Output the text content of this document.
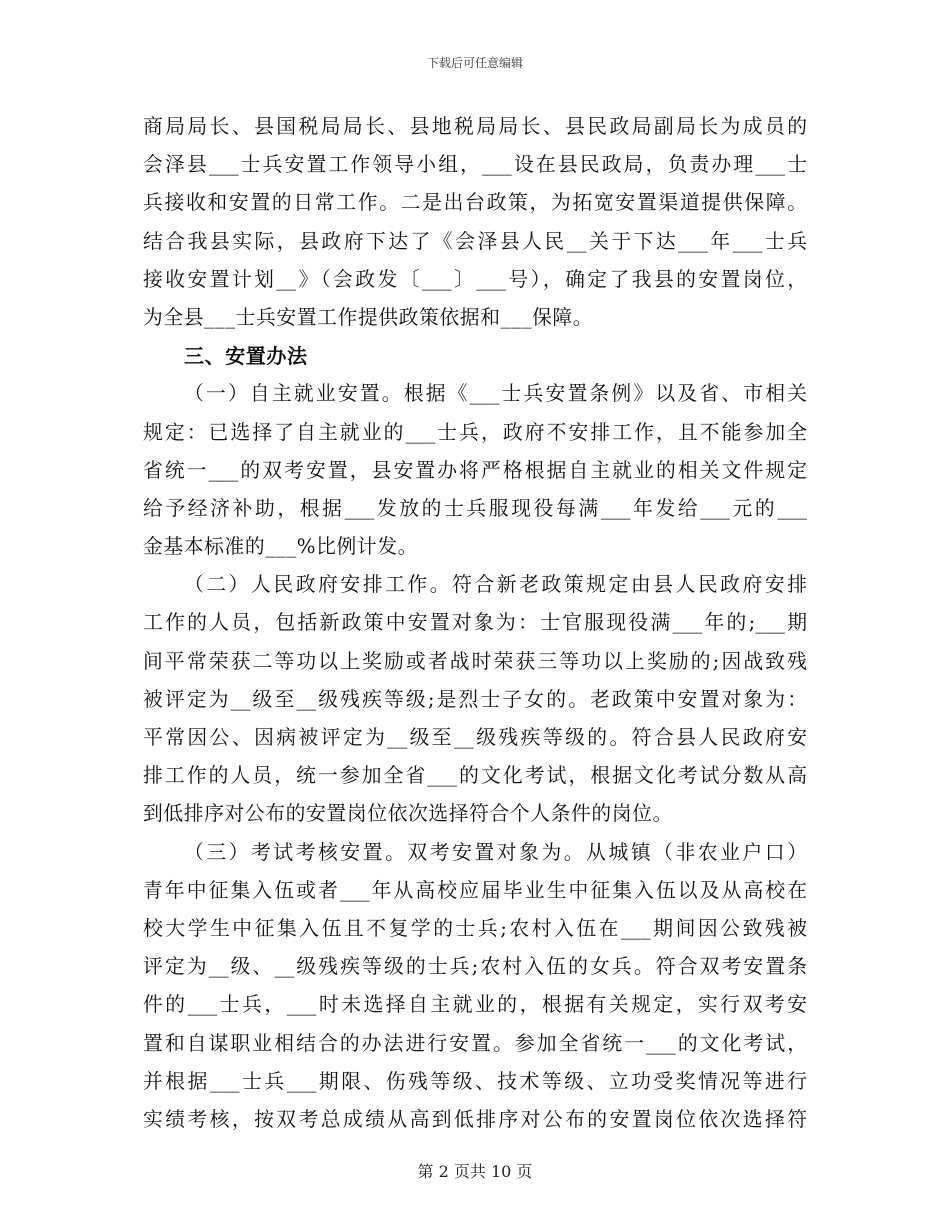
下载后可任意编辑
商局局长、县国税局局长、县地税局局长、县民政局副局长为成员的
会泽县___士兵安置工作领导小组，___设在县民政局，负责办理___士
兵接收和安置的日常工作。二是出台政策，为拓宽安置渠道提供保障。
结合我县实际，县政府下达了《会泽县人民__关于下达___年___士兵
接收安置计划__》（会政发〔___〕___号），确定了我县的安置岗位，
为全县___士兵安置工作提供政策依据和___保障。
三、安置办法
（一）自主就业安置。根据《___士兵安置条例》以及省、市相关
规定：已选择了自主就业的___士兵，政府不安排工作，且不能参加全
省统一___的双考安置，县安置办将严格根据自主就业的相关文件规定
给予经济补助，根据___发放的士兵服现役每满___年发给___元的___
金基本标准的___%比例计发。
（二）人民政府安排工作。符合新老政策规定由县人民政府安排
工作的人员，包括新政策中安置对象为：士官服现役满___年的;___期
间平常荣获二等功以上奖励或者战时荣获三等功以上奖励的;因战致残
被评定为__级至__级残疾等级;是烈士子女的。老政策中安置对象为：
平常因公、因病被评定为__级至__级残疾等级的。符合县人民政府安
排工作的人员，统一参加全省___的文化考试，根据文化考试分数从高
到低排序对公布的安置岗位依次选择符合个人条件的岗位。
（三）考试考核安置。双考安置对象为。从城镇（非农业户口）
青年中征集入伍或者___年从高校应届毕业生中征集入伍以及从高校在
校大学生中征集入伍且不复学的士兵;农村入伍在___期间因公致残被
评定为__级、__级残疾等级的士兵;农村入伍的女兵。符合双考安置条
件的___士兵，___时未选择自主就业的，根据有关规定，实行双考安
置和自谋职业相结合的办法进行安置。参加全省统一___的文化考试，
并根据___士兵___期限、伤残等级、技术等级、立功受奖情况等进行
实绩考核，按双考总成绩从高到低排序对公布的安置岗位依次选择符
第 2 页共 10 页
